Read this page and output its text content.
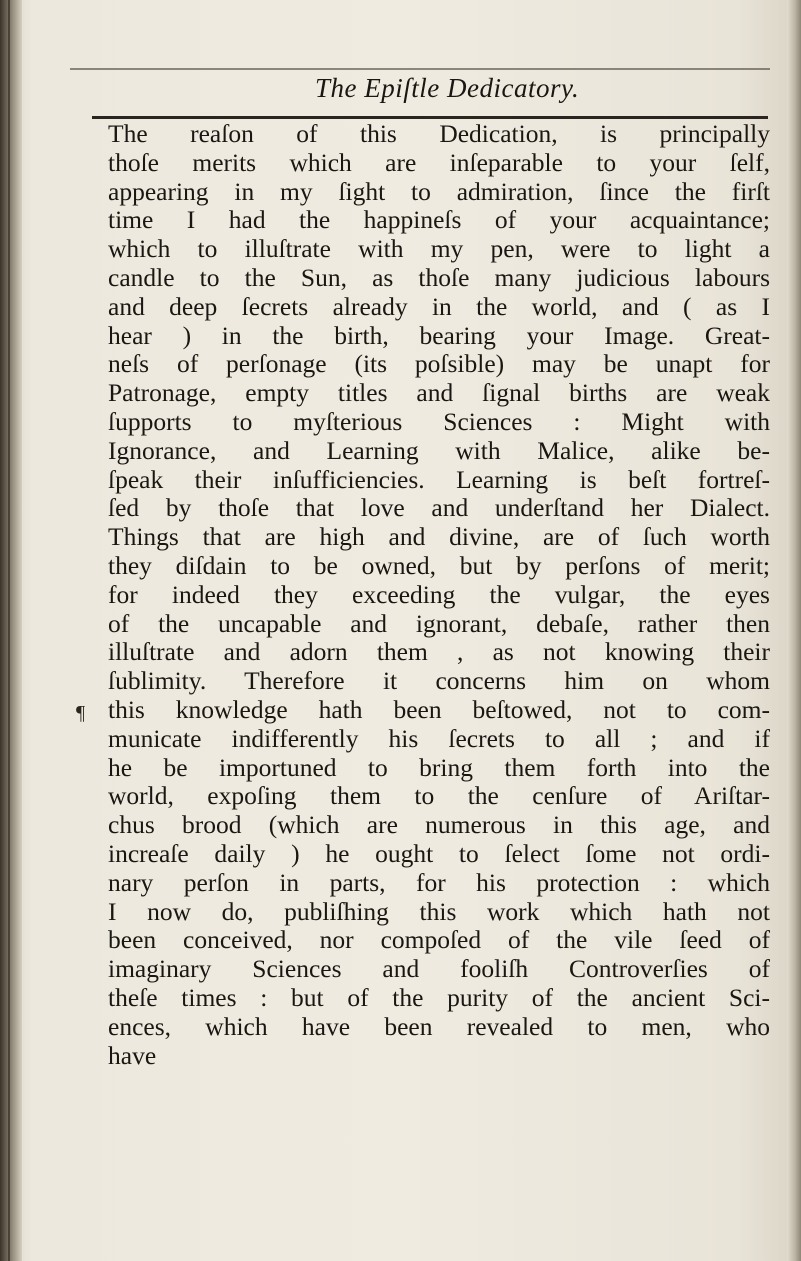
The Epiſtle Dedicatory.
¶
The reaſon of this Dedication, is principally
thoſe merits which are inſeparable to your ſelf,
appearing in my ſight to admiration, ſince the firſt
time I had the happineſs of your acquaintance;
which to illuſtrate with my pen, were to light a
candle to the Sun, as thoſe many judicious labours
and deep ſecrets already in the world, and ( as I
hear ) in the birth, bearing your Image. Great-
neſs of perſonage (its poſsible) may be unapt for
Patronage, empty titles and ſignal births are weak
ſupports to myſterious Sciences : Might with
Ignorance, and Learning with Malice, alike be-
ſpeak their inſufficiencies. Learning is beſt fortreſ-
ſed by thoſe that love and underſtand her Dialect.
Things that are high and divine, are of ſuch worth
they diſdain to be owned, but by perſons of merit;
for indeed they exceeding the vulgar, the eyes
of the uncapable and ignorant, debaſe, rather then
illuſtrate and adorn them , as not knowing their
ſublimity. Therefore it concerns him on whom
this knowledge hath been beſtowed, not to com-
municate indifferently his ſecrets to all ; and if
he be importuned to bring them forth into the
world, expoſing them to the cenſure of Ariſtar-
chus brood (which are numerous in this age, and
increaſe daily ) he ought to ſelect ſome not ordi-
nary perſon in parts, for his protection : which
I now do, publiſhing this work which hath not
been conceived, nor compoſed of the vile ſeed of
imaginary Sciences and fooliſh Controverſies of
theſe times : but of the purity of the ancient Sci-
ences, which have been revealed to men, who
have
